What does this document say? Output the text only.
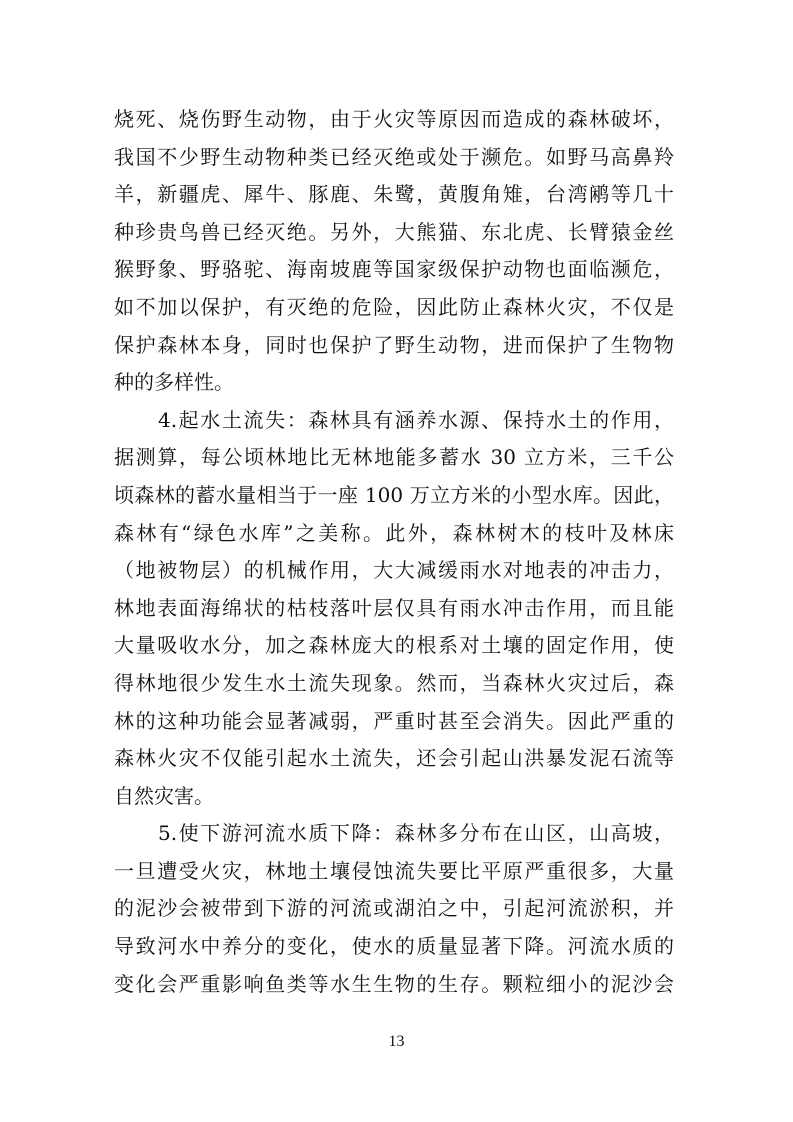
烧死、烧伤野生动物，由于火灾等原因而造成的森林破坏，
我国不少野生动物种类已经灭绝或处于濒危。如野马高鼻羚
羊，新疆虎、犀牛、豚鹿、朱鹭，黄腹角雉，台湾鹇等几十
种珍贵鸟兽已经灭绝。另外，大熊猫、东北虎、长臂猿金丝
猴野象、野骆驼、海南坡鹿等国家级保护动物也面临濒危，
如不加以保护，有灭绝的危险，因此防止森林火灾，不仅是
保护森林本身，同时也保护了野生动物，进而保护了生物物
种的多样性。
4.起水土流失：森林具有涵养水源、保持水土的作用，
据测算，每公顷林地比无林地能多蓄水 30 立方米，三千公
顷森林的蓄水量相当于一座 100 万立方米的小型水库。因此，
森林有“绿色水库”之美称。此外，森林树木的枝叶及林床
（地被物层）的机械作用，大大减缓雨水对地表的冲击力，
林地表面海绵状的枯枝落叶层仅具有雨水冲击作用，而且能
大量吸收水分，加之森林庞大的根系对土壤的固定作用，使
得林地很少发生水土流失现象。然而，当森林火灾过后，森
林的这种功能会显著减弱，严重时甚至会消失。因此严重的
森林火灾不仅能引起水土流失，还会引起山洪暴发泥石流等
自然灾害。
5.使下游河流水质下降：森林多分布在山区，山高坡，
一旦遭受火灾，林地土壤侵蚀流失要比平原严重很多，大量
的泥沙会被带到下游的河流或湖泊之中，引起河流淤积，并
导致河水中养分的变化，使水的质量显著下降。河流水质的
变化会严重影响鱼类等水生生物的生存。颗粒细小的泥沙会
13
